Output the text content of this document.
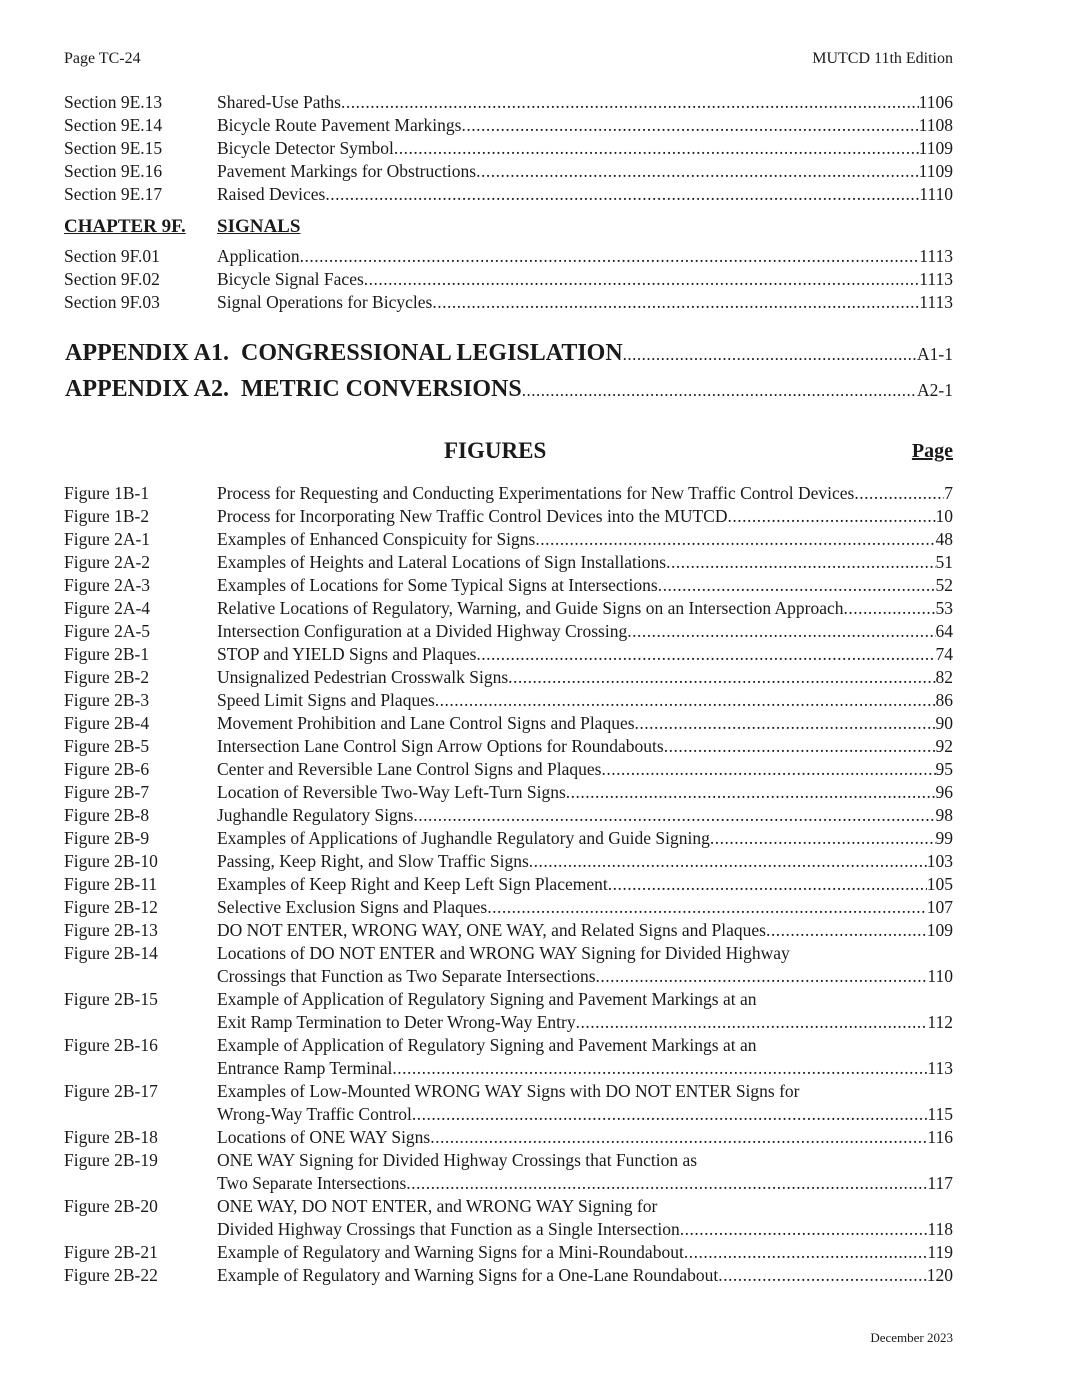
Page TC-24	MUTCD 11th Edition
Section 9E.13	Shared-Use Paths .....	1106
Section 9E.14	Bicycle Route Pavement Markings .....	1108
Section 9E.15	Bicycle Detector Symbol .....	1109
Section 9E.16	Pavement Markings for Obstructions .....	1109
Section 9E.17	Raised Devices .....	1110
CHAPTER 9F. SIGNALS
Section 9F.01	Application .....	1113
Section 9F.02	Bicycle Signal Faces .....	1113
Section 9F.03	Signal Operations for Bicycles .....	1113
APPENDIX A1.  CONGRESSIONAL LEGISLATION .....	A1-1
APPENDIX A2.  METRIC CONVERSIONS .....	A2-1
FIGURES	Page
Figure 1B-1	Process for Requesting and Conducting Experimentations for New Traffic Control Devices .....	7
Figure 1B-2	Process for Incorporating New Traffic Control Devices into the MUTCD .....	10
Figure 2A-1	Examples of Enhanced Conspicuity for Signs .....	48
Figure 2A-2	Examples of Heights and Lateral Locations of Sign Installations .....	51
Figure 2A-3	Examples of Locations for Some Typical Signs at Intersections .....	52
Figure 2A-4	Relative Locations of Regulatory, Warning, and Guide Signs on an Intersection Approach .....	53
Figure 2A-5	Intersection Configuration at a Divided Highway Crossing .....	64
Figure 2B-1	STOP and YIELD Signs and Plaques .....	74
Figure 2B-2	Unsignalized Pedestrian Crosswalk Signs .....	82
Figure 2B-3	Speed Limit Signs and Plaques .....	86
Figure 2B-4	Movement Prohibition and Lane Control Signs and Plaques .....	90
Figure 2B-5	Intersection Lane Control Sign Arrow Options for Roundabouts .....	92
Figure 2B-6	Center and Reversible Lane Control Signs and Plaques .....	95
Figure 2B-7	Location of Reversible Two-Way Left-Turn Signs .....	96
Figure 2B-8	Jughandle Regulatory Signs .....	98
Figure 2B-9	Examples of Applications of Jughandle Regulatory and Guide Signing .....	99
Figure 2B-10	Passing, Keep Right, and Slow Traffic Signs .....	103
Figure 2B-11	Examples of Keep Right and Keep Left Sign Placement .....	105
Figure 2B-12	Selective Exclusion Signs and Plaques .....	107
Figure 2B-13	DO NOT ENTER, WRONG WAY, ONE WAY, and Related Signs and Plaques .....	109
Figure 2B-14	Locations of DO NOT ENTER and WRONG WAY Signing for Divided Highway
Crossings that Function as Two Separate Intersections .....	110
Figure 2B-15	Example of Application of Regulatory Signing and Pavement Markings at an
Exit Ramp Termination to Deter Wrong-Way Entry .....	112
Figure 2B-16	Example of Application of Regulatory Signing and Pavement Markings at an
Entrance Ramp Terminal .....	113
Figure 2B-17	Examples of Low-Mounted WRONG WAY Signs with DO NOT ENTER Signs for
Wrong-Way Traffic Control .....	115
Figure 2B-18	Locations of ONE WAY Signs .....	116
Figure 2B-19	ONE WAY Signing for Divided Highway Crossings that Function as
Two Separate Intersections .....	117
Figure 2B-20	ONE WAY, DO NOT ENTER, and WRONG WAY Signing for
Divided Highway Crossings that Function as a Single Intersection .....	118
Figure 2B-21	Example of Regulatory and Warning Signs for a Mini-Roundabout .....	119
Figure 2B-22	Example of Regulatory and Warning Signs for a One-Lane Roundabout .....	120
December 2023
